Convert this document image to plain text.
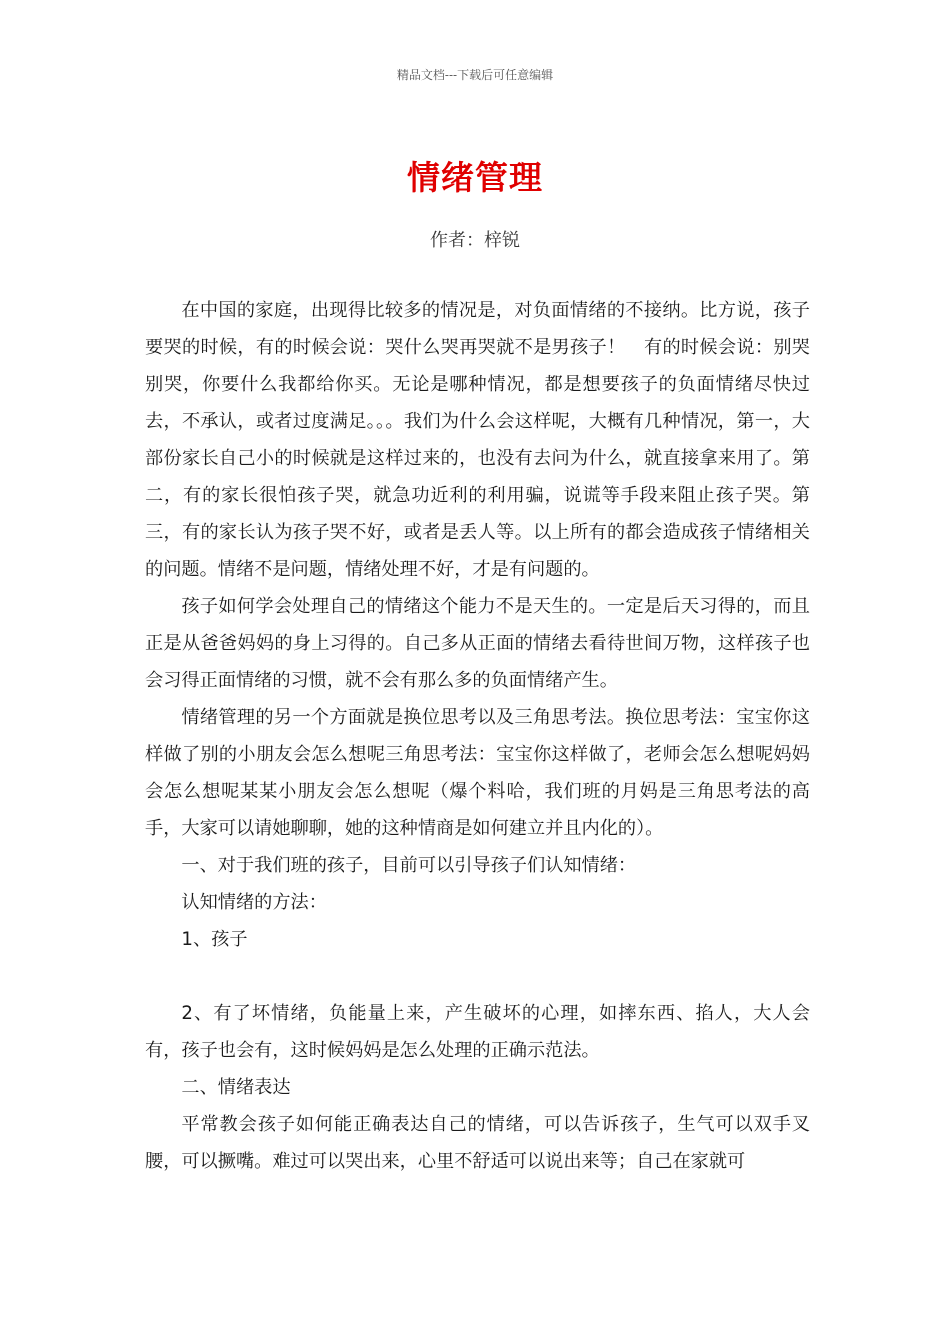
精品文档---下载后可任意编辑
情绪管理
作者：梓锐

在中国的家庭，出现得比较多的情况是，对负面情绪的不接纳。比方说，孩子要哭的时候，有的时候会说：哭什么哭再哭就不是男孩子！　有的时候会说：别哭别哭，你要什么我都给你买。无论是哪种情况，都是想要孩子的负面情绪尽快过去，不承认，或者过度满足。。。我们为什么会这样呢，大概有几种情况，第一，大部份家长自己小的时候就是这样过来的，也没有去问为什么，就直接拿来用了。第二，有的家长很怕孩子哭，就急功近利的利用骗，说谎等手段来阻止孩子哭。第三，有的家长认为孩子哭不好，或者是丢人等。以上所有的都会造成孩子情绪相关的问题。情绪不是问题，情绪处理不好，才是有问题的。

孩子如何学会处理自己的情绪这个能力不是天生的。一定是后天习得的，而且正是从爸爸妈妈的身上习得的。自己多从正面的情绪去看待世间万物，这样孩子也会习得正面情绪的习惯，就不会有那么多的负面情绪产生。

情绪管理的另一个方面就是换位思考以及三角思考法。换位思考法：宝宝你这样做了别的小朋友会怎么想呢三角思考法：宝宝你这样做了，老师会怎么想呢妈妈会怎么想呢某某小朋友会怎么想呢（爆个料哈，我们班的月妈是三角思考法的高手，大家可以请她聊聊，她的这种情商是如何建立并且内化的）。

一、对于我们班的孩子，目前可以引导孩子们认知情绪：

认知情绪的方法：

1、孩子

2、有了坏情绪，负能量上来，产生破坏的心理，如摔东西、掐人，大人会有，孩子也会有，这时候妈妈是怎么处理的正确示范法。

二、情绪表达

平常教会孩子如何能正确表达自己的情绪，可以告诉孩子，生气可以双手叉腰，可以撅嘴。难过可以哭出来，心里不舒适可以说出来等；自己在家就可
